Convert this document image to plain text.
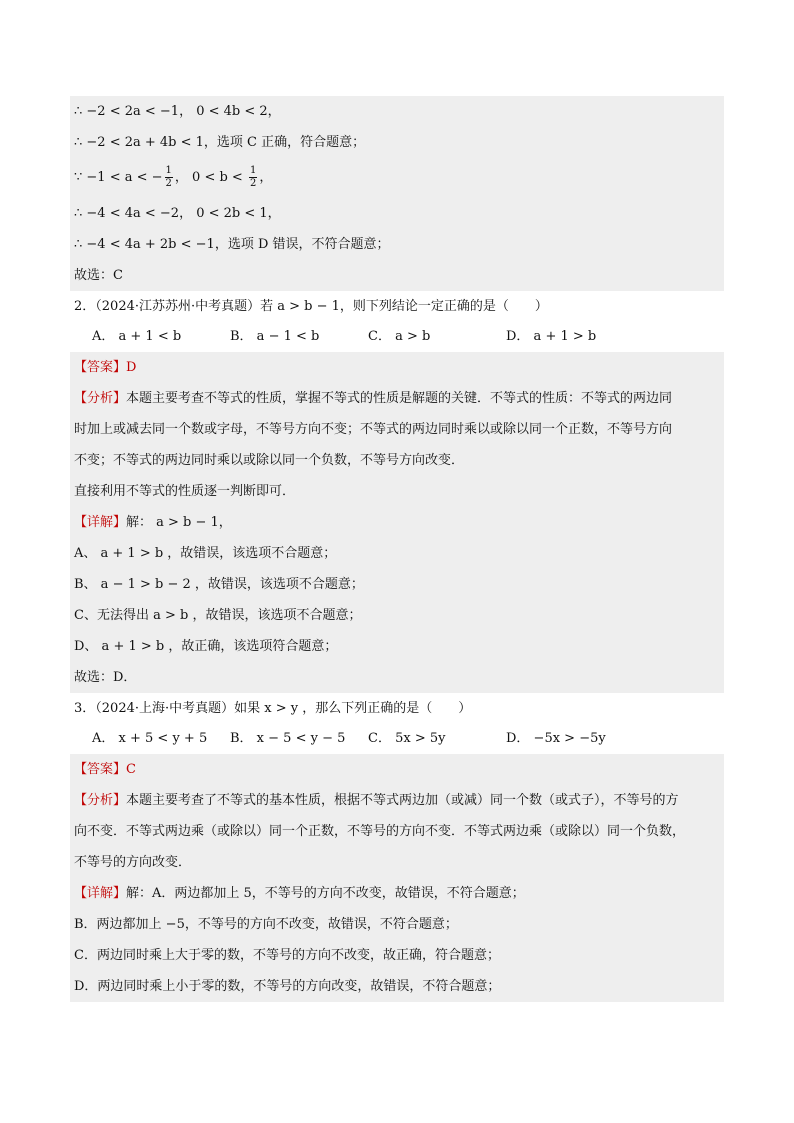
∴ −2 < 2a < −1， 0 < 4b < 2，
∴ −2 < 2a + 4b < 1，选项 C 正确，符合题意；
∵ −1 < a < − $\frac{1}{2}$ ， $0 < b < \frac{1}{2}$ ，
∴ −4 < 4a < −2， 0 < 2b < 1，
∴ −4 < 4a + 2b < −1，选项 D 错误，不符合题意；
故选：C
2．（2024·江苏苏州·中考真题）若 a > b − 1，则下列结论一定正确的是（　　）
A． a + 1 < b	B． a − 1 < b	C． a > b	D． a + 1 > b
【答案】D
【分析】本题主要考查不等式的性质，掌握不等式的性质是解题的关键．不等式的性质：不等式的两边同
时加上或减去同一个数或字母，不等号方向不变；不等式的两边同时乘以或除以同一个正数，不等号方向
不变；不等式的两边同时乘以或除以同一个负数，不等号方向改变．
直接利用不等式的性质逐一判断即可．
【详解】解： a > b − 1，
A、 a + 1 > b ，故错误，该选项不合题意；
B、 a − 1 > b − 2 ，故错误，该选项不合题意；
C、无法得出 a > b ，故错误，该选项不合题意；
D、 a + 1 > b ，故正确，该选项符合题意；
故选：D．
3．（2024·上海·中考真题）如果 x > y ，那么下列正确的是（　　）
A． x + 5 < y + 5	B． x − 5 < y − 5	C． 5x > 5y	D． −5x > −5y
【答案】C
【分析】本题主要考查了不等式的基本性质，根据不等式两边加（或减）同一个数（或式子），不等号的方
向不变．不等式两边乘（或除以）同一个正数，不等号的方向不变．不等式两边乘（或除以）同一个负数，
不等号的方向改变．
【详解】解：A．两边都加上 5，不等号的方向不改变，故错误，不符合题意；
B．两边都加上 −5，不等号的方向不改变，故错误，不符合题意；
C．两边同时乘上大于零的数，不等号的方向不改变，故正确，符合题意；
D．两边同时乘上小于零的数，不等号的方向改变，故错误，不符合题意；
